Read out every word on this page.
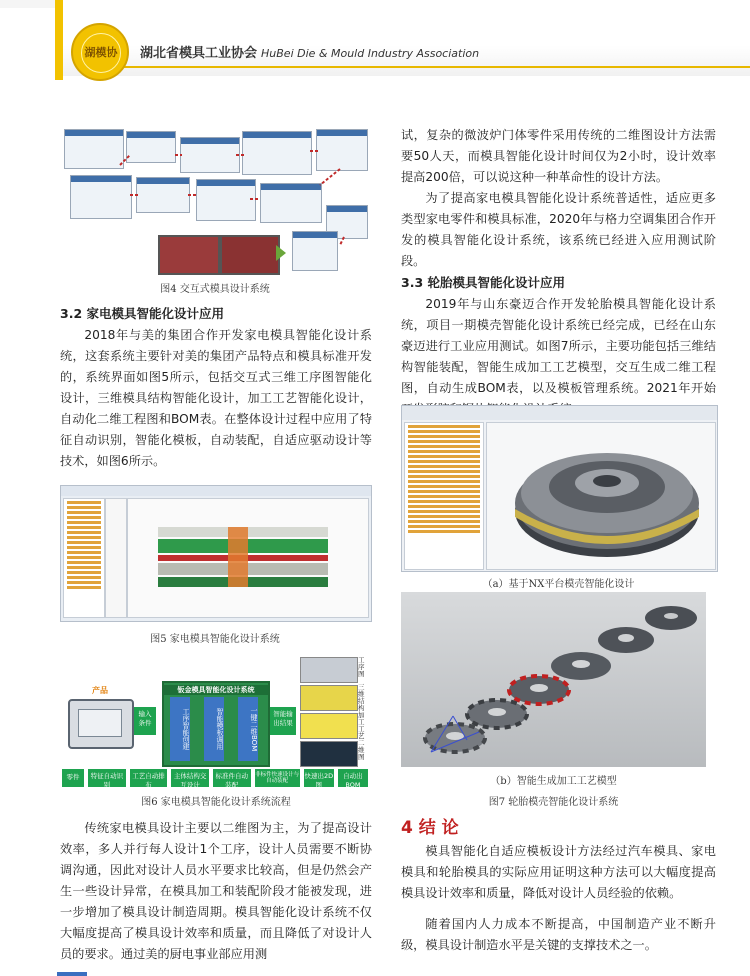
湖模协 湖北省模具工业协会 HuBei Die & Mould Industry Association
图4 交互式模具设计系统

3.2 家电模具智能化设计应用

2018年与美的集团合作开发家电模具智能化设计系统，这套系统主要针对美的集团产品特点和模具标准开发的，系统界面如图5所示，包括交互式三维工序图智能化设计，三维模具结构智能化设计，加工工艺智能化设计，自动化二维工程图和BOM表。在整体设计过程中应用了特征自动识别，智能化模板，自动装配，自适应驱动设计等技术，如图6所示。

图5 家电模具智能化设计系统
产品
输入
条件
钣金模具智能化设计系统
工序智能创建	智能模板调用	一键二维BOM	智能输
出结果
工序图
三维结构
加工工艺
二维图
零件	特征自动识别
工艺自动排布
主体结构交互设计
标准件自动装配
非标件快速设计与自动装配
快速出2D图
自动出BOM
图6 家电模具智能化设计系统流程

传统家电模具设计主要以二维图为主，为了提高设计效率，多人并行每人设计1个工序，设计人员需要不断协调沟通，因此对设计人员水平要求比较高，但是仍然会产生一些设计异常，在模具加工和装配阶段才能被发现，进一步增加了模具设计制造周期。模具智能化设计系统不仅大幅度提高了模具设计效率和质量，而且降低了对设计人员的要求。通过美的厨电事业部应用测

试，复杂的微波炉门体零件采用传统的二维图设计方法需要50人天，而模具智能化设计时间仅为2小时，设计效率提高200倍，可以说这种一种革命性的设计方法。

为了提高家电模具智能化设计系统普适性，适应更多类型家电零件和模具标准，2020年与格力空调集团合作开发的模具智能化设计系统，该系统已经进入应用测试阶段。

3.3 轮胎模具智能化设计应用

2019年与山东豪迈合作开发轮胎模具智能化设计系统，项目一期模壳智能化设计系统已经完成，已经在山东豪迈进行工业应用测试。如图7所示，主要功能包括三维结构智能装配，智能生成加工工艺模型，交互生成二维工程图，自动生成BOM表，以及模板管理系统。2021年开始

（a）基于NX平台模壳智能化设计
（b）智能生成加工工艺模型
图7 轮胎模壳智能化设计系统

4 结 论

模具智能化自适应模板设计方法经过汽车模具、家电模具和轮胎模具的实际应用证明这种方法可以大幅度提高模具设计效率和质量，降低对设计人员经验的依赖。

随着国内人力成本不断提高，中国制造产业不断升级，模具设计制造水平是关键的支撑技术之一。
